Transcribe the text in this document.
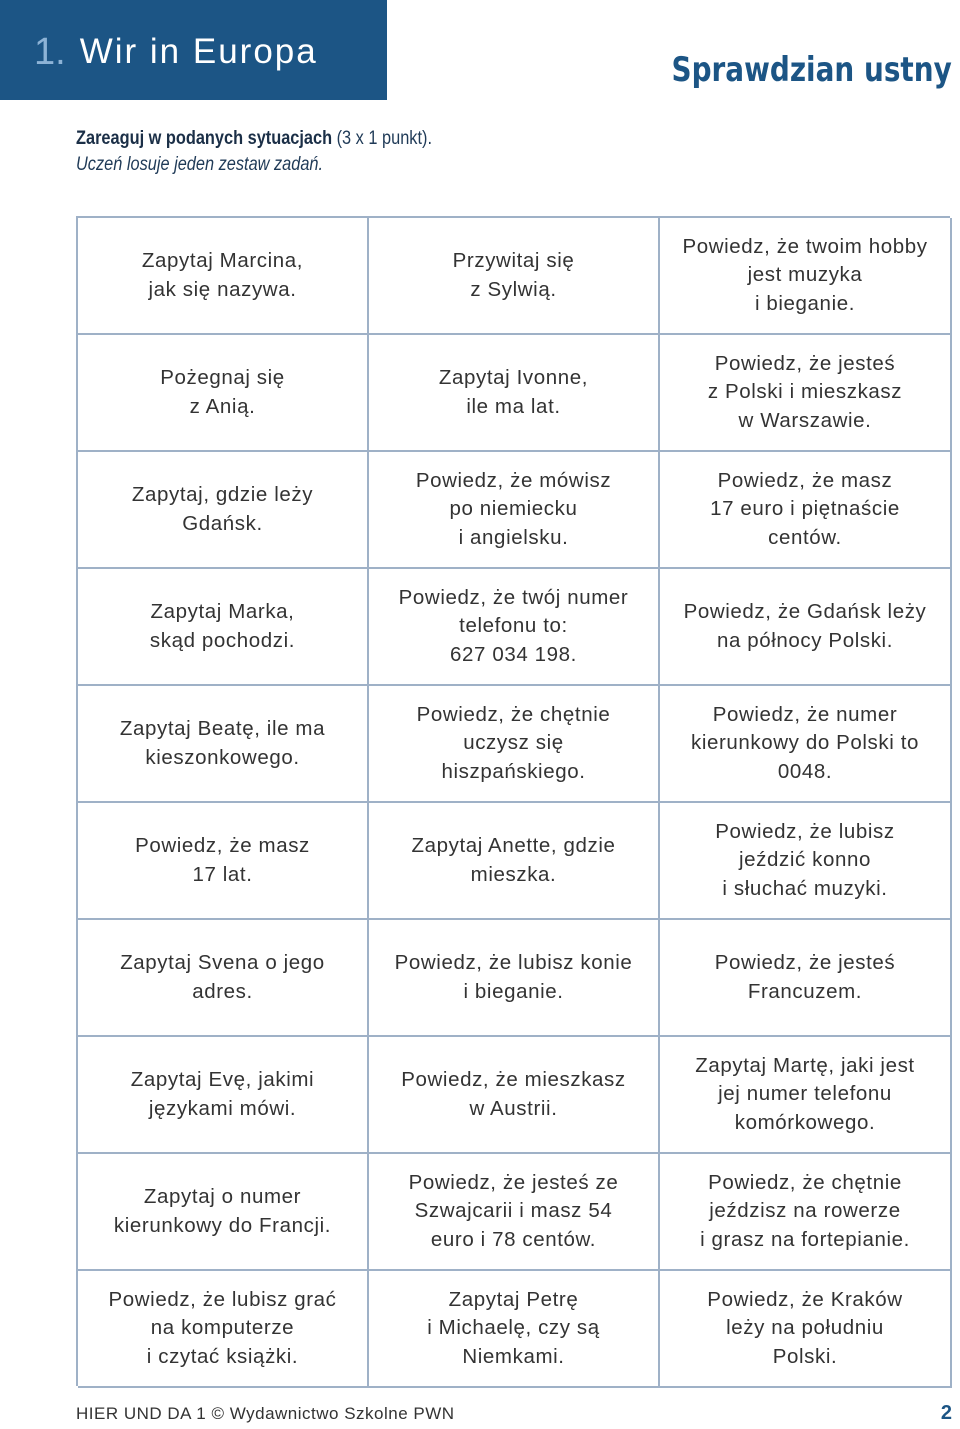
1 . Wir in Europa	Sprawdzian ustny
Zareaguj w podanych sytuacjach (3 x 1 punkt).
Uczeń losuje jeden zestaw zadań.
Zapytaj Marcina,
jak się nazywa.
Przywitaj się
z Sylwią.
Powiedz, że twoim hobby
jest muzyka
i bieganie.
Pożegnaj się
z Anią.
Zapytaj Ivonne,
ile ma lat.
Powiedz, że jesteś
z Polski i mieszkasz
w Warszawie.
Zapytaj, gdzie leży
Gdańsk.
Powiedz, że mówisz
po niemiecku
i angielsku.
Powiedz, że masz
17 euro i piętnaście
centów.
Zapytaj Marka,
skąd pochodzi.
Powiedz, że twój numer
telefonu to:
627 034 198.
Powiedz, że Gdańsk leży
na północy Polski.
Zapytaj Beatę, ile ma
kieszonkowego.
Powiedz, że chętnie
uczysz się
hiszpańskiego.
Powiedz, że numer
kierunkowy do Polski to
0048.
Powiedz, że masz
17 lat.
Zapytaj Anette, gdzie
mieszka.
Powiedz, że lubisz
jeździć konno
i słuchać muzyki.
Zapytaj Svena o jego
adres.
Powiedz, że lubisz konie
i bieganie.
Powiedz, że jesteś
Francuzem.
Zapytaj Evę, jakimi
językami mówi.
Powiedz, że mieszkasz
w Austrii.
Zapytaj Martę, jaki jest
jej numer telefonu
komórkowego.
Zapytaj o numer
kierunkowy do Francji.
Powiedz, że jesteś ze
Szwajcarii i masz 54
euro i 78 centów.
Powiedz, że chętnie
jeździsz na rowerze
i grasz na fortepianie.
Powiedz, że lubisz grać
na komputerze
i czytać książki.
Zapytaj Petrę
i Michaelę, czy są
Niemkami.
Powiedz, że Kraków
leży na południu
Polski.
HIER UND DA 1 © Wydawnictwo Szkolne PWN	2
